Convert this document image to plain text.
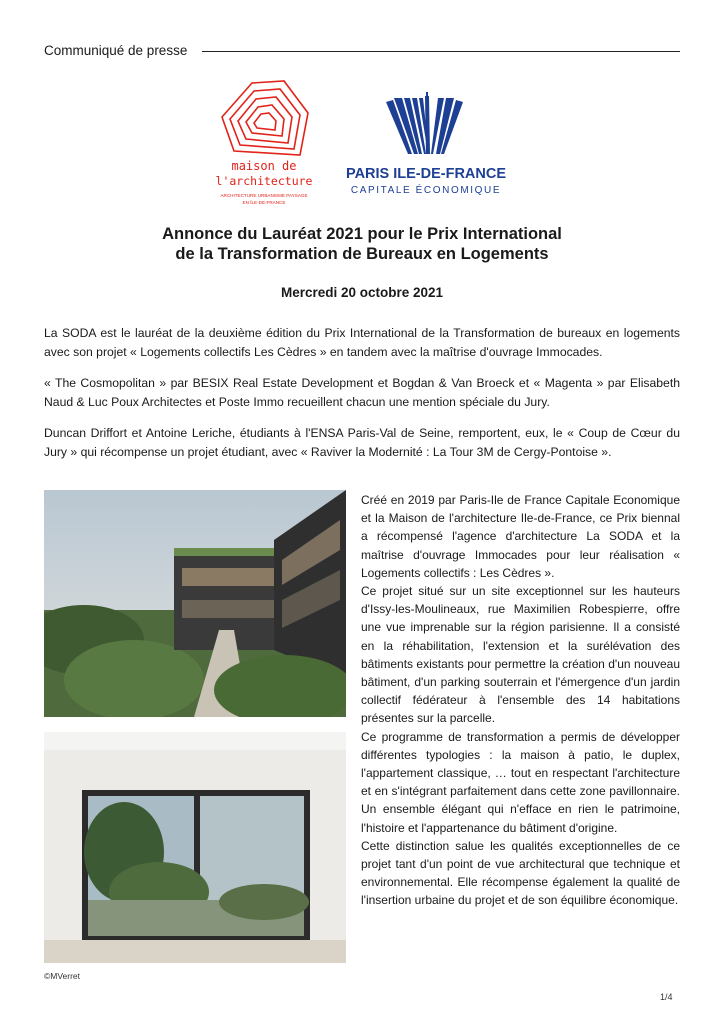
Communiqué de presse
maison de
l'architecture
ARCHITECTURE URBANISME PAYSAGE
EN ÎLE-DE-FRANCE
PARIS ILE-DE-FRANCE
CAPITALE ÉCONOMIQUE
Annonce du Lauréat 2021 pour le Prix International
de la Transformation de Bureaux en Logements
Mercredi 20 octobre 2021
La SODA est le lauréat de la deuxième édition du Prix International de la Transformation de bureaux en logements avec son projet « Logements collectifs Les Cèdres » en tandem avec la maîtrise d'ouvrage Immocades.
« The Cosmopolitan » par BESIX Real Estate Development et Bogdan & Van Broeck et « Magenta » par Elisabeth Naud & Luc Poux Architectes et Poste Immo recueillent chacun une mention spéciale du Jury.
Duncan Driffort et Antoine Leriche, étudiants à l'ENSA Paris-Val de Seine, remportent, eux, le « Coup de Cœur du Jury » qui récompense un projet étudiant, avec « Raviver la Modernité : La Tour 3M de Cergy-Pontoise ».
©MVerret

Créé en 2019 par Paris-Ile de France Capitale Economique et la Maison de l'architecture Ile-de-France, ce Prix biennal a récompensé l'agence d'architecture La SODA et la maîtrise d'ouvrage Immocades pour leur réalisation « Logements collectifs : Les Cèdres ».

Ce projet situé sur un site exceptionnel sur les hauteurs d'Issy-les-Moulineaux, rue Maximilien Robespierre, offre une vue imprenable sur la région parisienne. Il a consisté en la réhabilitation, l'extension et la surélévation des bâtiments existants pour permettre la création d'un nouveau bâtiment, d'un parking souterrain et l'émergence d'un jardin collectif fédérateur à l'ensemble des 14 habitations présentes sur la parcelle.

Ce programme de transformation a permis de développer différentes typologies : la maison à patio, le duplex, l'appartement classique, … tout en respectant l'architecture et en s'intégrant parfaitement dans cette zone pavillonnaire. Un ensemble élégant qui n'efface en rien le patrimoine, l'histoire et l'appartenance du bâtiment d'origine.

Cette distinction salue les qualités exceptionnelles de ce projet tant d'un point de vue architectural que technique et environnemental. Elle récompense également la qualité de l'insertion urbaine du projet et de son équilibre économique.

1/4
